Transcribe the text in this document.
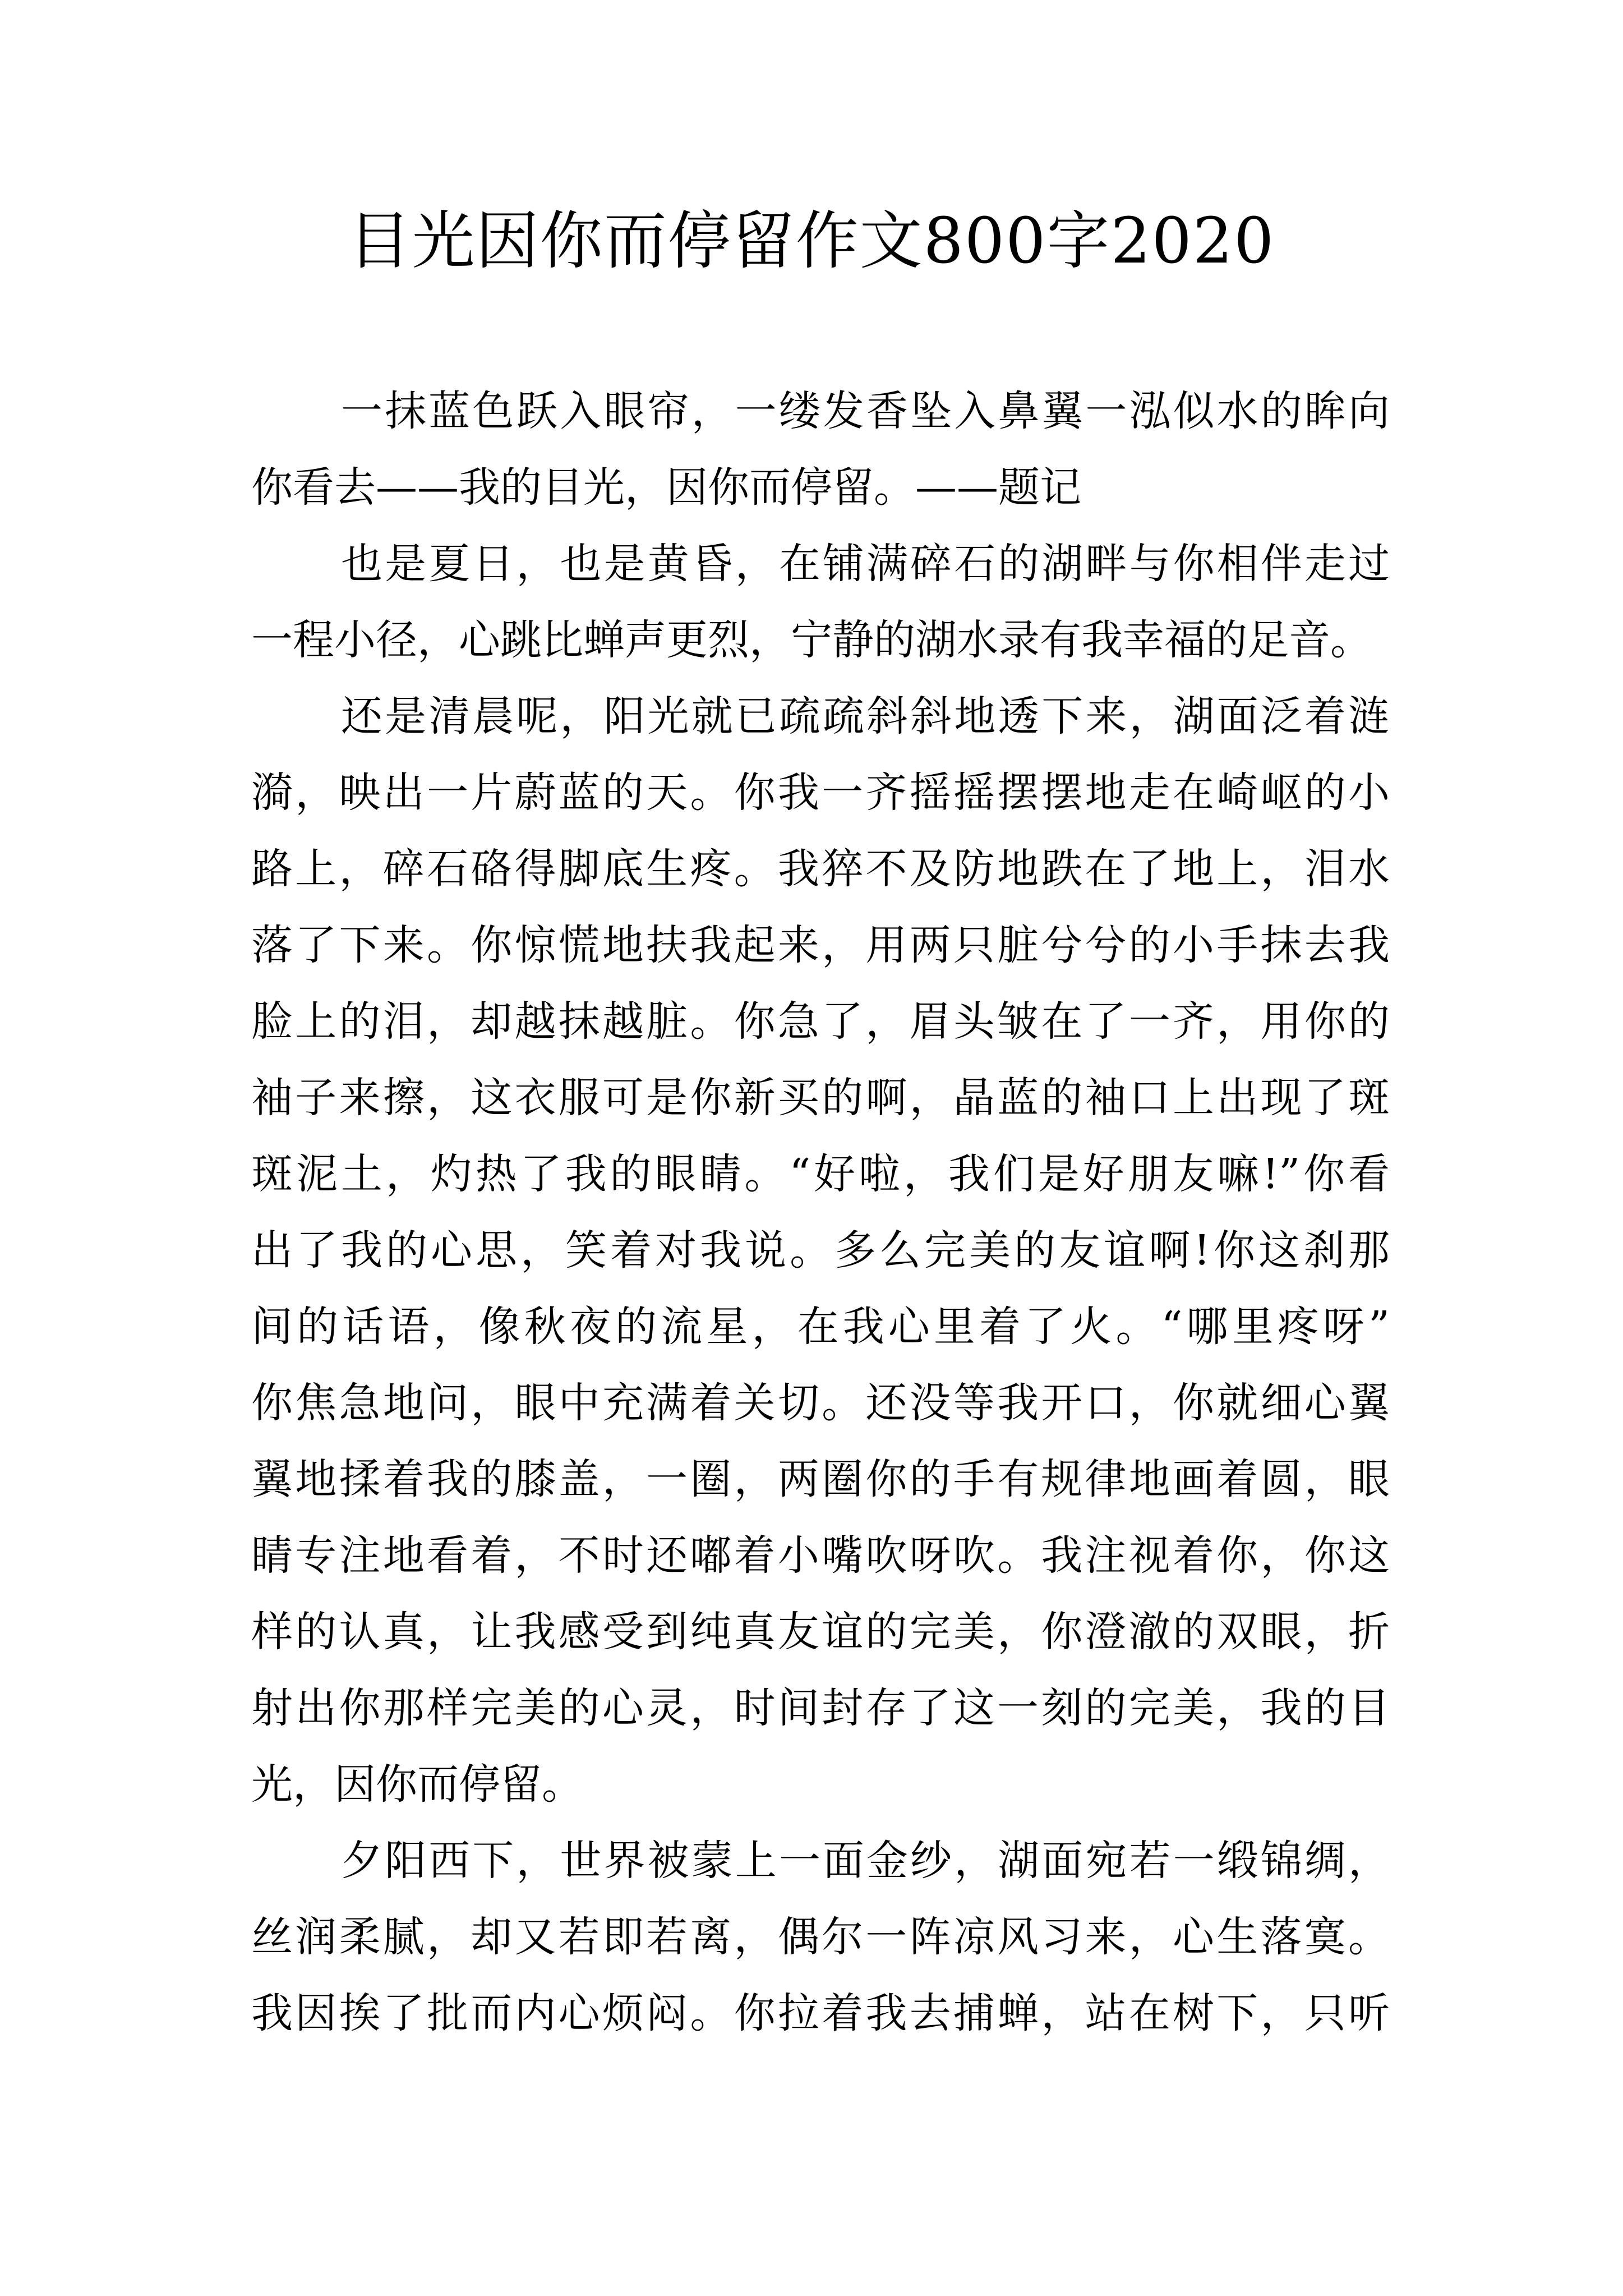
目光因你而停留作文800字2020
一抹蓝色跃入眼帘，一缕发香坠入鼻翼一泓似水的眸向
你看去——我的目光，因你而停留。——题记
也是夏日，也是黄昏，在铺满碎石的湖畔与你相伴走过
一程小径，心跳比蝉声更烈，宁静的湖水录有我幸福的足音。
还是清晨呢，阳光就已疏疏斜斜地透下来，湖面泛着涟
漪，映出一片蔚蓝的天。你我一齐摇摇摆摆地走在崎岖的小
路上，碎石硌得脚底生疼。我猝不及防地跌在了地上，泪水
落了下来。你惊慌地扶我起来，用两只脏兮兮的小手抹去我
脸上的泪，却越抹越脏。你急了，眉头皱在了一齐，用你的
袖子来擦，这衣服可是你新买的啊，晶蓝的袖口上出现了斑
斑泥土，灼热了我的眼睛。“好啦，我们是好朋友嘛!”你看
出了我的心思，笑着对我说。多么完美的友谊啊!你这刹那
间的话语，像秋夜的流星，在我心里着了火。“哪里疼呀”
你焦急地问，眼中充满着关切。还没等我开口，你就细心翼
翼地揉着我的膝盖，一圈，两圈你的手有规律地画着圆，眼
睛专注地看着，不时还嘟着小嘴吹呀吹。我注视着你，你这
样的认真，让我感受到纯真友谊的完美，你澄澈的双眼，折
射出你那样完美的心灵，时间封存了这一刻的完美，我的目
光，因你而停留。
夕阳西下，世界被蒙上一面金纱，湖面宛若一缎锦绸，
丝润柔腻，却又若即若离，偶尔一阵凉风习来，心生落寞。
我因挨了批而内心烦闷。你拉着我去捕蝉，站在树下，只听
